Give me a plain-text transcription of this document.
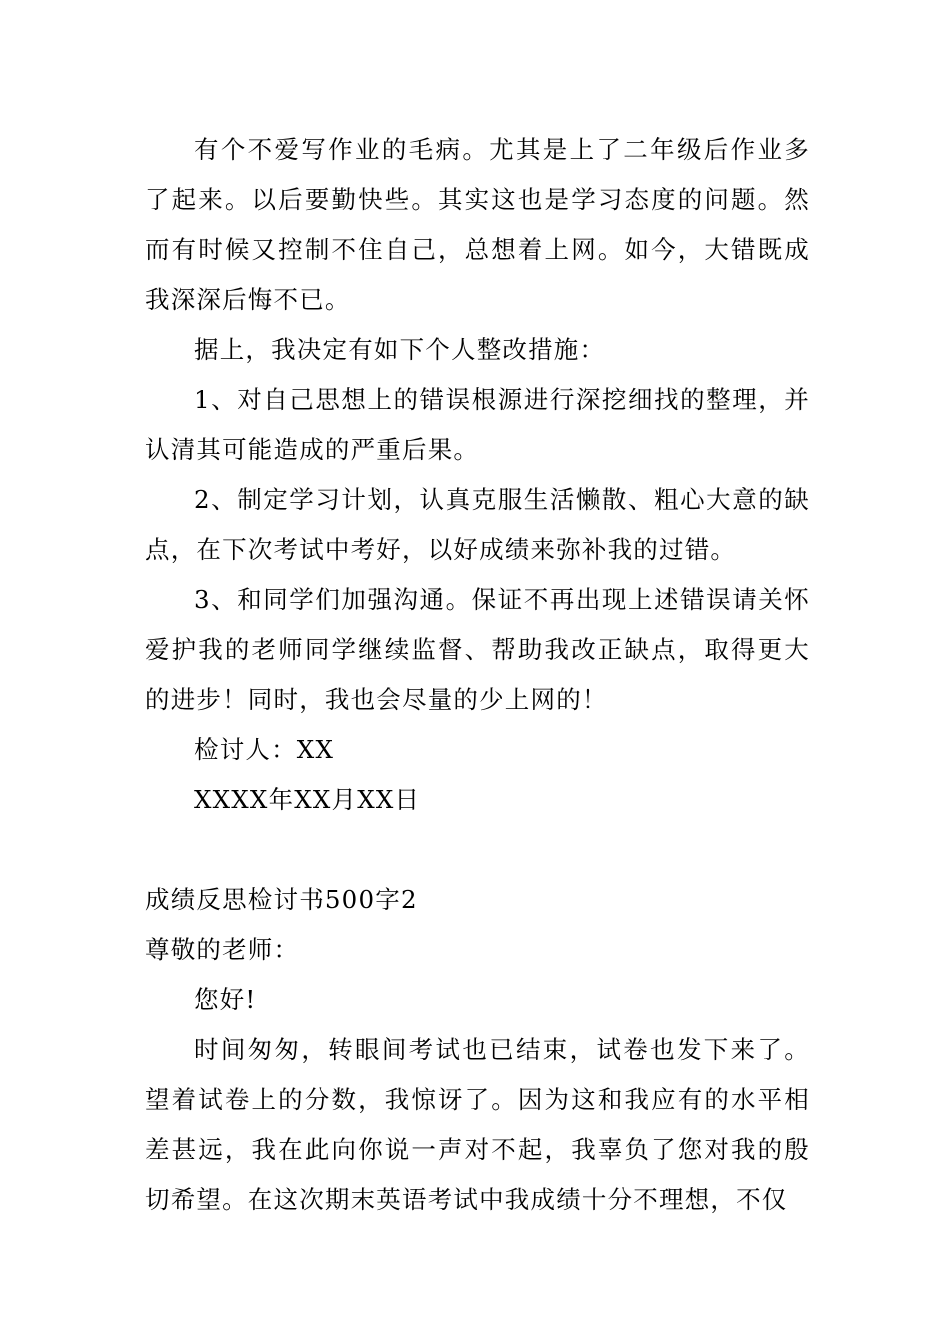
有个不爱写作业的毛病。尤其是上了二年级后作业多了起来。以后要勤快些。其实这也是学习态度的问题。然而有时候又控制不住自己，总想着上网。如今，大错既成我深深后悔不已。

据上，我决定有如下个人整改措施：

1、对自己思想上的错误根源进行深挖细找的整理，并认清其可能造成的严重后果。

2、制定学习计划，认真克服生活懒散、粗心大意的缺点，在下次考试中考好，以好成绩来弥补我的过错。

3、和同学们加强沟通。保证不再出现上述错误请关怀爱护我的老师同学继续监督、帮助我改正缺点，取得更大的进步！同时，我也会尽量的少上网的！

检讨人：XX

XXXX年XX月XX日

成绩反思检讨书500字2

尊敬的老师：

您好!

时间匆匆，转眼间考试也已结束，试卷也发下来了。望着试卷上的分数，我惊讶了。因为这和我应有的水平相差甚远，我在此向你说一声对不起，我辜负了您对我的殷切希望。在这次期末英语考试中我成绩十分不理想，不仅
